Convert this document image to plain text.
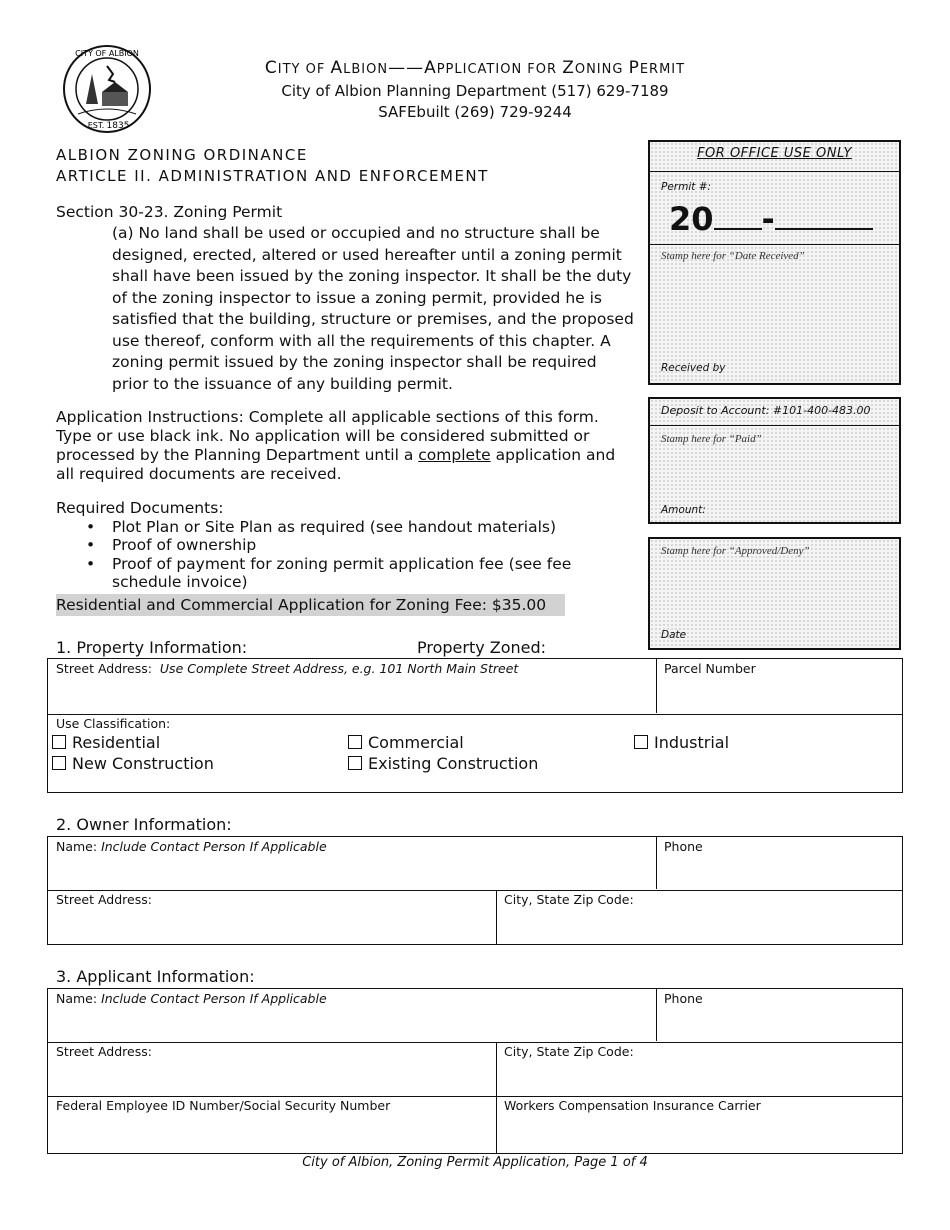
CITY OF ALBION
EST. 1835
CITY OF ALBION——APPLICATION FOR ZONING PERMIT
City of Albion Planning Department (517) 629-7189
SAFEbuilt (269) 729-9244
ALBION ZONING ORDINANCE
ARTICLE II. ADMINISTRATION AND ENFORCEMENT
Section 30-23. Zoning Permit
(a) No land shall be used or occupied and no structure shall be designed, erected, altered or used hereafter until a zoning permit shall have been issued by the zoning inspector. It shall be the duty of the zoning inspector to issue a zoning permit, provided he is satisfied that the building, structure or premises, and the proposed use thereof, conform with all the requirements of this chapter. A zoning permit issued by the zoning inspector shall be required prior to the issuance of any building permit.
Application Instructions: Complete all applicable sections of this form. Type or use black ink. No application will be considered submitted or processed by the Planning Department until a complete application and all required documents are received.
Required Documents:
• Plot Plan or Site Plan as required (see handout materials)
• Proof of ownership
• Proof of payment for zoning permit application fee (see fee schedule invoice)
Residential and Commercial Application for Zoning Fee: $35.00
FOR OFFICE USE ONLY
Permit #:
20 -
Stamp here for “Date Received”
Received by
Deposit to Account: #101-400-483.00
Stamp here for “Paid”
Amount:
Stamp here for “Approved/Deny”
Date
1. Property Information:	Property Zoned:
Street Address: Use Complete Street Address, e.g. 101 North Main Street	Parcel Number
Use Classification:
Residential	Commercial	Industrial
New Construction	Existing Construction
2. Owner Information:
Name: Include Contact Person If Applicable	Phone
Street Address:	City, State Zip Code:
3. Applicant Information:
Name: Include Contact Person If Applicable	Phone
Street Address:	City, State Zip Code:
Federal Employee ID Number/Social Security Number	Workers Compensation Insurance Carrier
City of Albion, Zoning Permit Application, Page 1 of 4
